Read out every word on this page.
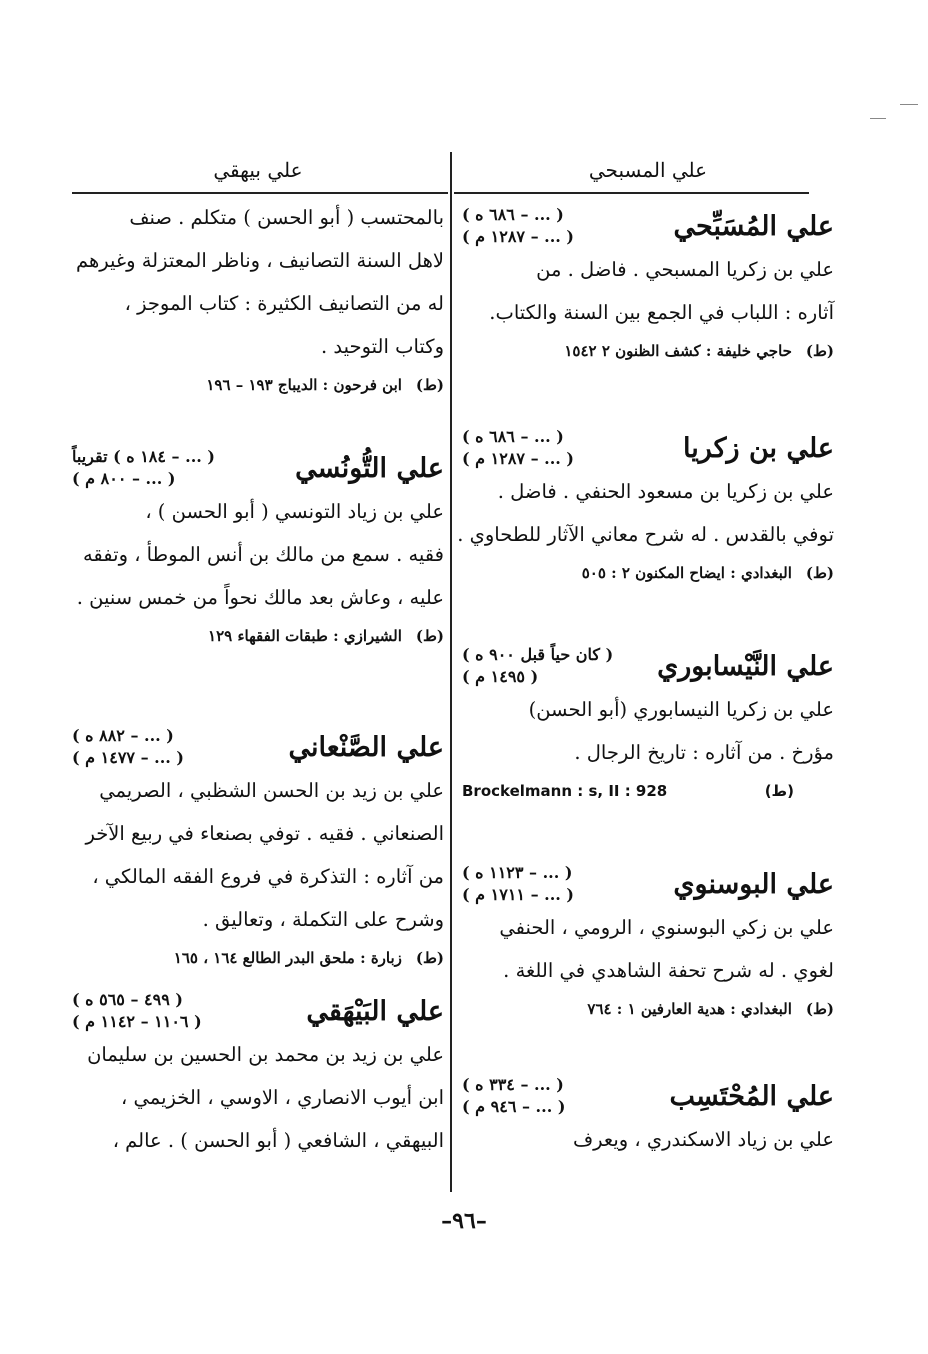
علي المسبحي
علي المُسَبِّحي
( ... – ٦٨٦ ه )
( ... – ١٢٨٧ م )
علي بن زكريا المسبحي . فاضل . من
آثاره : اللباب في الجمع بين السنة والكتاب.
(ط)حاجي خليفة : كشف الظنون ٢ ١٥٤٢
علي بن زكريا
( ... – ٦٨٦ ه )
( ... – ١٢٨٧ م )
علي بن زكريا بن مسعود الحنفي . فاضل .
توفي بالقدس . له شرح معاني الآثار للطحاوي .
(ط)البغدادي : ايضاح المكنون ٢ : ٥٠٥
علي النَّيْسابوري
( كان حياً قبل ٩٠٠ ه )
( ١٤٩٥ م )
علي بن زكريا النيسابوري (أبو الحسن)
مؤرخ . من آثاره : تاريخ الرجال .
Brockelmann : s, II : 928	(ط)
علي البوسنوي
( ... – ١١٢٣ ه )
( ... – ١٧١١ م )
علي بن زكي البوسنوي ، الرومي ، الحنفي
لغوي . له شرح تحفة الشاهدي في اللغة .
(ط)البغدادي : هدية العارفين ١ : ٧٦٤
علي المُحْتَسِب
( ... – ٣٣٤ ه )
( ... – ٩٤٦ م )
علي بن زياد الاسكندري ، ويعرف
علي بيهقي
بالمحتسب ( أبو الحسن ) متكلم . صنف
لاهل السنة التصانيف ، وناظر المعتزلة وغيرهم
له من التصانيف الكثيرة : كتاب الموجز ،
وكتاب التوحيد .
(ط)ابن فرحون : الديباج ١٩٣ – ١٩٦
علي التُّونُسي
( ... – ١٨٤ ه ) تقريباً
( ... – ٨٠٠ م )
علي بن زياد التونسي ( أبو الحسن ) ،
فقيه . سمع من مالك بن أنس الموطأ ، وتفقه
عليه ، وعاش بعد مالك نحواً من خمس سنين .
(ط)الشيرازي : طبقات الفقهاء ١٢٩
علي الصَّنْعاني
( ... – ٨٨٢ ه )
( ... – ١٤٧٧ م )
علي بن زيد بن الحسن الشظبي ، الصريمي
الصنعاني . فقيه . توفي بصنعاء في ربيع الآخر
من آثاره : التذكرة في فروع الفقه المالكي ،
وشرح على التكملة ، وتعاليق .
(ط)زبارة : ملحق البدر الطالع ١٦٤ ، ١٦٥
علي البَيْهَقي
( ٤٩٩ – ٥٦٥ ه )
( ١١٠٦ – ١١٤٢ م )
علي بن زيد بن محمد بن الحسين بن سليمان
ابن أيوب الانصاري ، الاوسي ، الخزيمي ،
البيهقي ، الشافعي ( أبو الحسن ) . عالم ،
–٩٦–
